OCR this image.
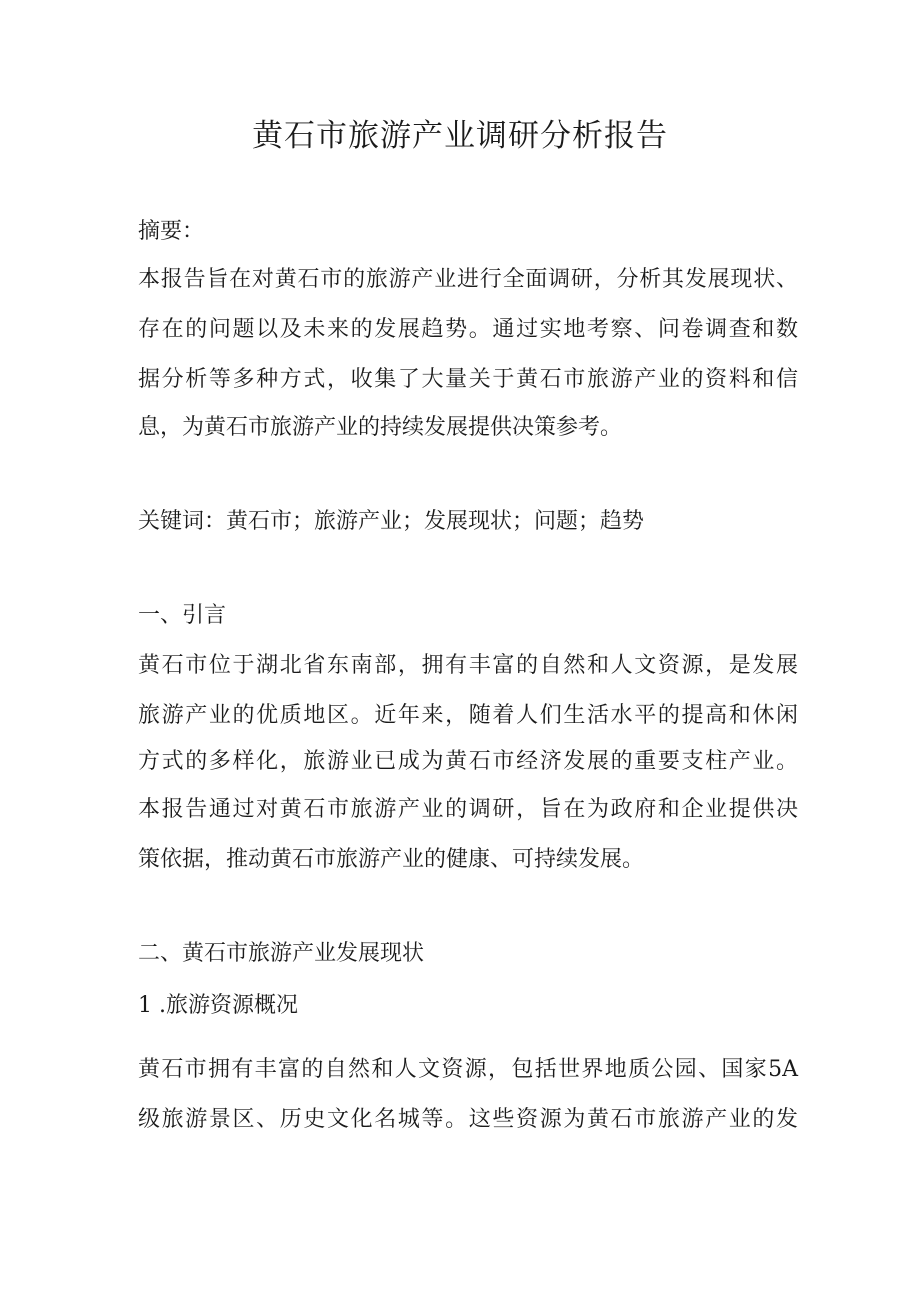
黄石市旅游产业调研分析报告

摘要：

本报告旨在对黄石市的旅游产业进行全面调研，分析其发展现状、

存在的问题以及未来的发展趋势。通过实地考察、问卷调查和数

据分析等多种方式，收集了大量关于黄石市旅游产业的资料和信

息，为黄石市旅游产业的持续发展提供决策参考。

关键词：黄石市；旅游产业；发展现状；问题；趋势

一、引言

黄石市位于湖北省东南部，拥有丰富的自然和人文资源，是发展

旅游产业的优质地区。近年来，随着人们生活水平的提高和休闲

方式的多样化，旅游业已成为黄石市经济发展的重要支柱产业。

本报告通过对黄石市旅游产业的调研，旨在为政府和企业提供决

策依据，推动黄石市旅游产业的健康、可持续发展。

二、黄石市旅游产业发展现状

1 .旅游资源概况

黄石市拥有丰富的自然和人文资源，包括世界地质公园、国家5A

级旅游景区、历史文化名城等。这些资源为黄石市旅游产业的发
